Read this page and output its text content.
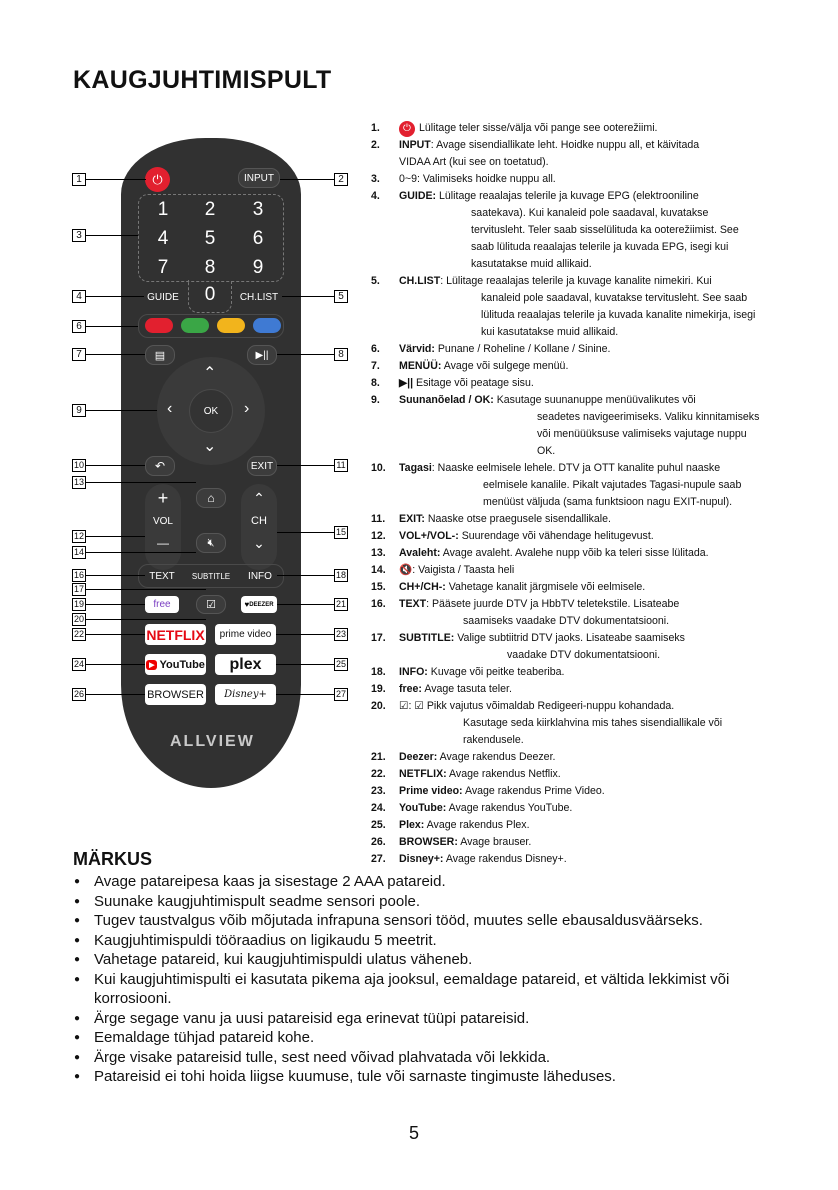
KAUGJUHTIMISPULT
⏻	INPUT
1	2	3
4	5	6
7	8	9
0
GUIDE	CH.LIST
▤	▶||
OK
⌃
⌄
‹	›
↶	EXIT
+
VOL
—
⌂
🔇︎
⌃
CH
⌄
TEXT	SUBTITLE	INFO
free	☑	♥ DEEZER
NETFLIX	prime video
▶ YouTube	plex
BROWSER	Disney+
ALLVIEW
1	2
3
4	5
6
7	8
9
10	11
13
12	15
14
16
17
18
19	21
20
22	23
24	25
26	27
1.	⏻ Lülitage teler sisse/välja või pange see ooterežiimi.
2.	INPUT: Avage sisendiallikate leht. Hoidke nuppu all, et käivitada
VIDAA Art (kui see on toetatud).
3.	0~9: Valimiseks hoidke nuppu all.
4.	GUIDE: Lülitage reaalajas telerile ja kuvage EPG (elektrooniline
saatekava). Kui kanaleid pole saadaval, kuvatakse
tervitusleht. Teler saab sisselülituda ka ooterežiimist. See
saab lülituda reaalajas telerile ja kuvada EPG, isegi kui
kasutatakse muid allikaid.
5.	CH.LIST: Lülitage reaalajas telerile ja kuvage kanalite nimekiri. Kui
kanaleid pole saadaval, kuvatakse tervitusleht. See saab
lülituda reaalajas telerile ja kuvada kanalite nimekirja, isegi
kui kasutatakse muid allikaid.
6.	Värvid: Punane / Roheline / Kollane / Sinine.
7.	MENÜÜ: Avage või sulgege menüü.
8.	▶|| Esitage või peatage sisu.
9.	Suunanõelad / OK: Kasutage suunanuppe menüüvalikutes või
seadetes navigeerimiseks. Valiku kinnitamiseks
või menüüüksuse valimiseks vajutage nuppu
OK.
10.	Tagasi: Naaske eelmisele lehele. DTV ja OTT kanalite puhul naaske
eelmisele kanalile. Pikalt vajutades Tagasi-nupule saab
menüüst väljuda (sama funktsioon nagu EXIT-nupul).
11.	EXIT: Naaske otse praegusele sisendallikale.
12.	VOL+/VOL-: Suurendage või vähendage helitugevust.
13.	Avaleht: Avage avaleht. Avalehe nupp võib ka teleri sisse lülitada.
14.	🔇: Vaigista / Taasta heli
15.	CH+/CH-: Vahetage kanalit järgmisele või eelmisele.
16.	TEXT: Pääsete juurde DTV ja HbbTV teletekstile. Lisateabe
saamiseks vaadake DTV dokumentatsiooni.
17.	SUBTITLE: Valige subtiitrid DTV jaoks. Lisateabe saamiseks
vaadake DTV dokumentatsiooni.
18.	INFO: Kuvage või peitke teaberiba.
19.	free: Avage tasuta teler.
20.	☑: ☑ Pikk vajutus võimaldab Redigeeri-nuppu kohandada.
Kasutage seda kiirklahvina mis tahes sisendiallikale või
rakendusele.
21.	Deezer: Avage rakendus Deezer.
22.	NETFLIX: Avage rakendus Netflix.
23.	Prime video: Avage rakendus Prime Video.
24.	YouTube: Avage rakendus YouTube.
25.	Plex: Avage rakendus Plex.
26.	BROWSER: Avage brauser.
27.	Disney+: Avage rakendus Disney+.
MÄRKUS
● Avage patareipesa kaas ja sisestage 2 AAA patareid.
● Suunake kaugjuhtimispult seadme sensori poole.
● Tugev taustvalgus võib mõjutada infrapuna sensori tööd, muutes selle ebausaldusväärseks.
● Kaugjuhtimispuldi tööraadius on ligikaudu 5 meetrit.
● Vahetage patareid, kui kaugjuhtimispuldi ulatus väheneb.
● Kui kaugjuhtimispulti ei kasutata pikema aja jooksul, eemaldage patareid, et vältida lekkimist või korrosiooni.
● Ärge segage vanu ja uusi patareisid ega erinevat tüüpi patareisid.
● Eemaldage tühjad patareid kohe.
● Ärge visake patareisid tulle, sest need võivad plahvatada või lekkida.
● Patareisid ei tohi hoida liigse kuumuse, tule või sarnaste tingimuste läheduses.
5
